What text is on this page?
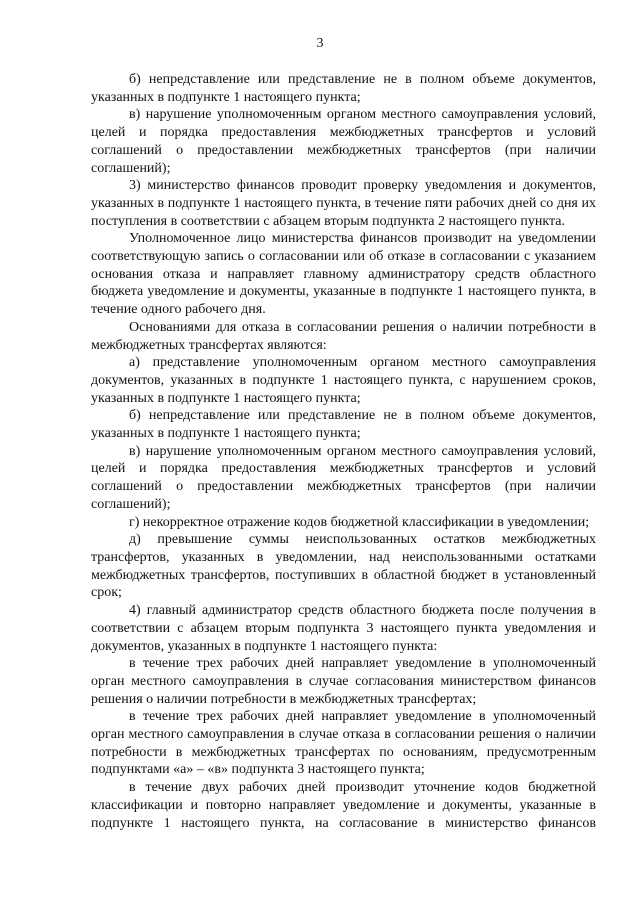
3

б) непредставление или представление не в полном объеме документов, указанных в подпункте 1 настоящего пункта;

в) нарушение уполномоченным органом местного самоуправления условий, целей и порядка предоставления межбюджетных трансфертов и условий соглашений о предоставлении межбюджетных трансфертов (при наличии соглашений);

3) министерство финансов проводит проверку уведомления и документов, указанных в подпункте 1 настоящего пункта, в течение пяти рабочих дней со дня их поступления в соответствии с абзацем вторым подпункта 2 настоящего пункта.

Уполномоченное лицо министерства финансов производит на уведомлении соответствующую запись о согласовании или об отказе в согласовании с указанием основания отказа и направляет главному администратору средств областного бюджета уведомление и документы, указанные в подпункте 1 настоящего пункта, в течение одного рабочего дня.

Основаниями для отказа в согласовании решения о наличии потребности в межбюджетных трансфертах являются:

а) представление уполномоченным органом местного самоуправления документов, указанных в подпункте 1 настоящего пункта, с нарушением сроков, указанных в подпункте 1 настоящего пункта;

б) непредставление или представление не в полном объеме документов, указанных в подпункте 1 настоящего пункта;

в) нарушение уполномоченным органом местного самоуправления условий, целей и порядка предоставления межбюджетных трансфертов и условий соглашений о предоставлении межбюджетных трансфертов (при наличии соглашений);

г) некорректное отражение кодов бюджетной классификации в уведомлении;

д) превышение суммы неиспользованных остатков межбюджетных трансфертов, указанных в уведомлении, над неиспользованными остатками межбюджетных трансфертов, поступивших в областной бюджет в установленный срок;

4) главный администратор средств областного бюджета после получения в соответствии с абзацем вторым подпункта 3 настоящего пункта уведомления и документов, указанных в подпункте 1 настоящего пункта:

в течение трех рабочих дней направляет уведомление в уполномоченный орган местного самоуправления в случае согласования министерством финансов решения о наличии потребности в межбюджетных трансфертах;

в течение трех рабочих дней направляет уведомление в уполномоченный орган местного самоуправления в случае отказа в согласовании решения о наличии потребности в межбюджетных трансфертах по основаниям, предусмотренным подпунктами «а» – «в» подпункта 3 настоящего пункта;

в течение двух рабочих дней производит уточнение кодов бюджетной классификации и повторно направляет уведомление и документы, указанные в подпункте 1 настоящего пункта, на согласование в министерство финансов
